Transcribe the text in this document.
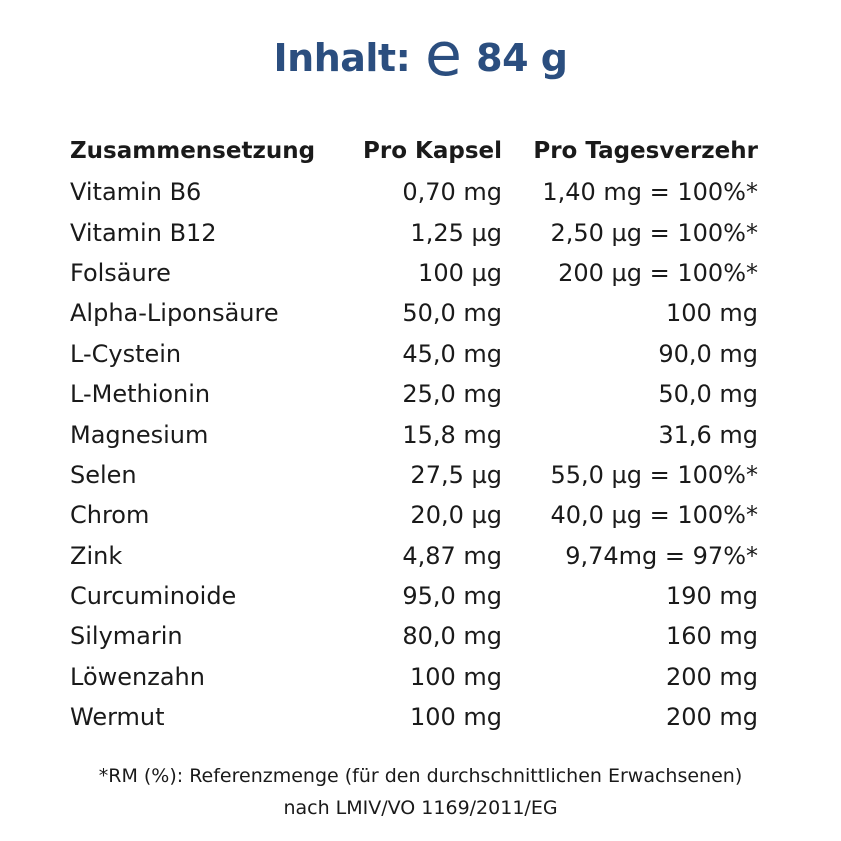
Inhalt: e 84 g
Zusammensetzung	Pro Kapsel	Pro Tagesverzehr
Vitamin B6	0,70 mg	1,40 mg = 100%*
Vitamin B12	1,25 µg	2,50 µg = 100%*
Folsäure	100 µg	200 µg = 100%*
Alpha-Liponsäure	50,0 mg	100 mg
L-Cystein	45,0 mg	90,0 mg
L-Methionin	25,0 mg	50,0 mg
Magnesium	15,8 mg	31,6 mg
Selen	27,5 µg	55,0 µg = 100%*
Chrom	20,0 µg	40,0 µg = 100%*
Zink	4,87 mg	9,74mg = 97%*
Curcuminoide	95,0 mg	190 mg
Silymarin	80,0 mg	160 mg
Löwenzahn	100 mg	200 mg
Wermut	100 mg	200 mg
*RM (%): Referenzmenge (für den durchschnittlichen Erwachsenen)
nach LMIV/VO 1169/2011/EG
